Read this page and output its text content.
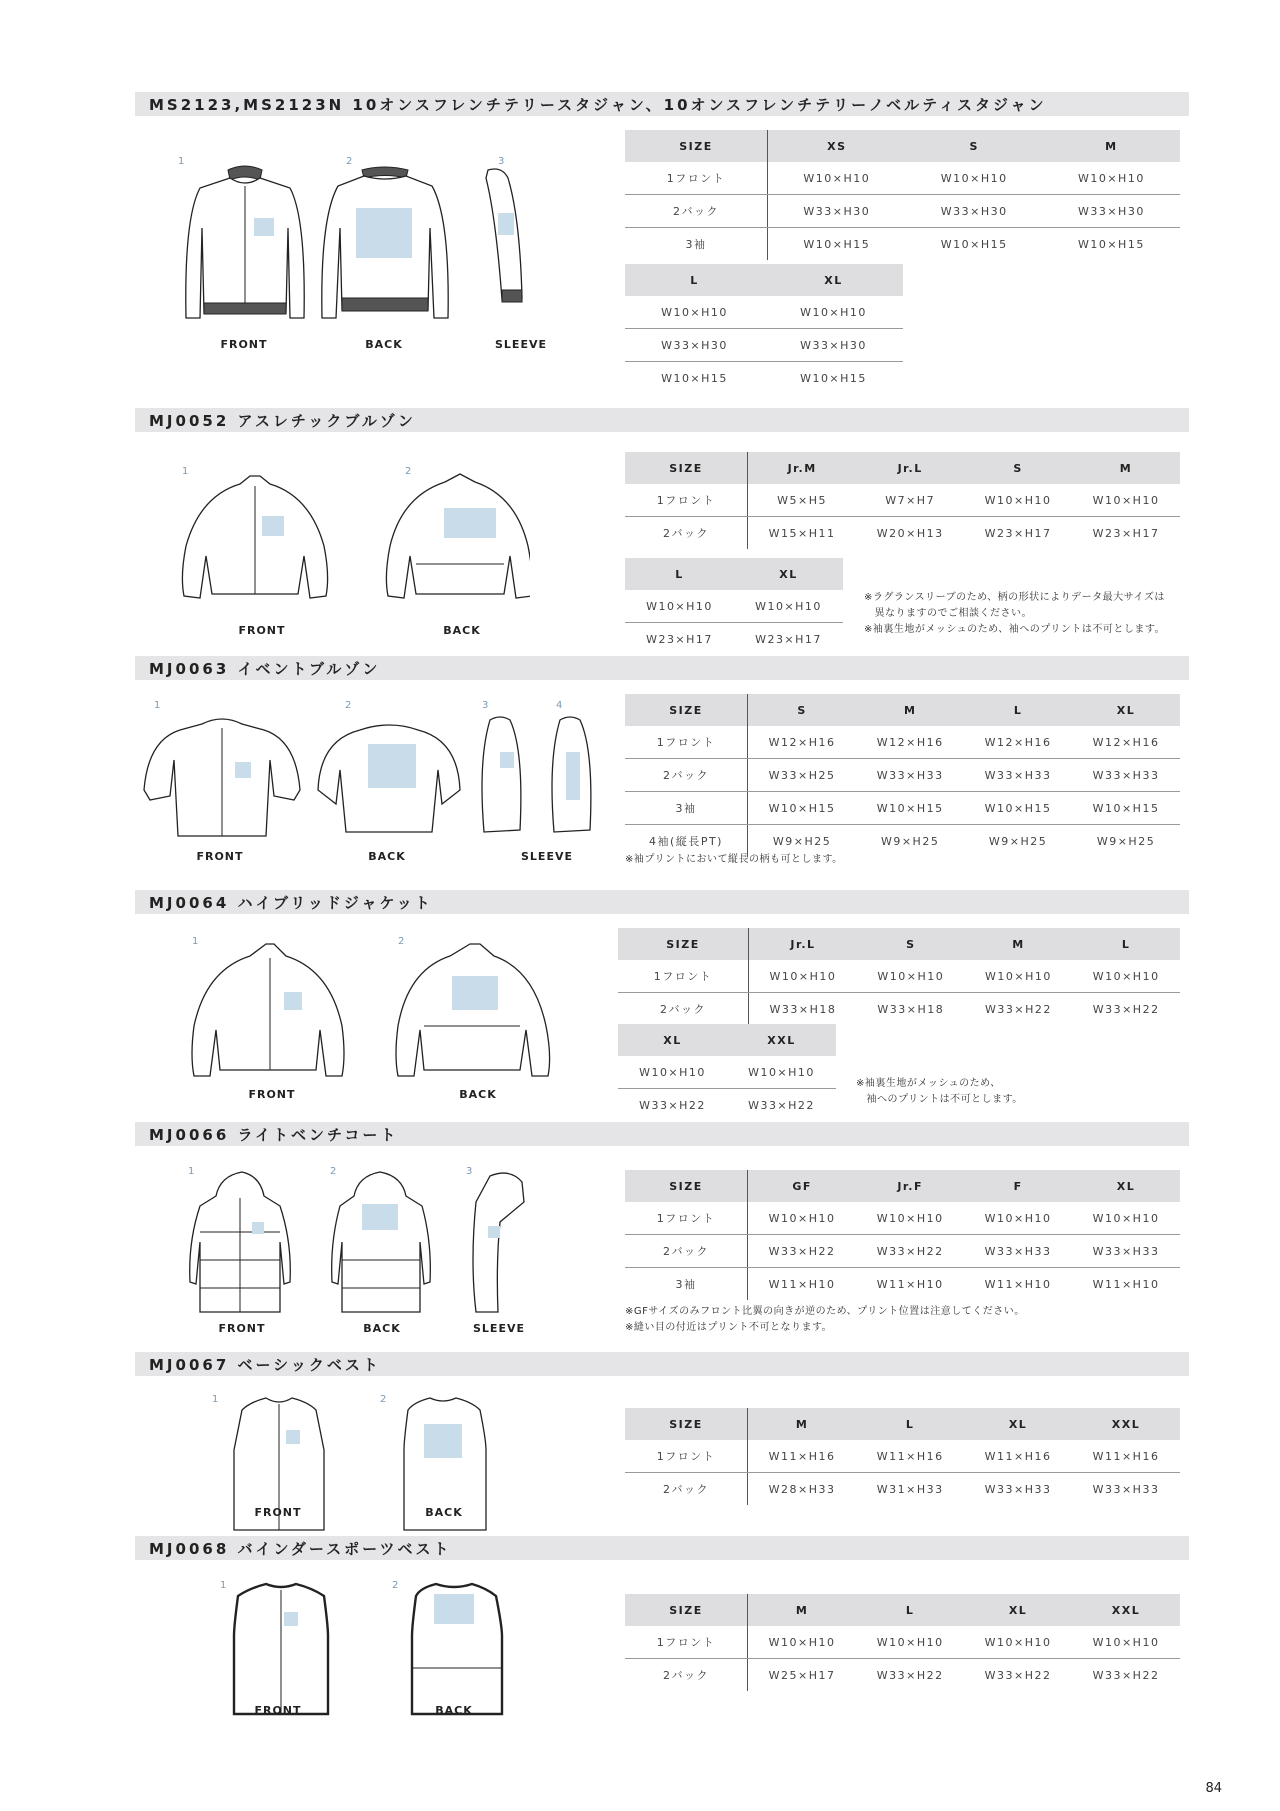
MS2123,MS2123N 10オンスフレンチテリースタジャン、10オンスフレンチテリーノベルティスタジャン
1	2	3
FRONT	BACK	SLEEVE
SIZE	XS	S	M
1フロント	W10×H10	W10×H10	W10×H10
2バック	W33×H30	W33×H30	W33×H30
3袖	W10×H15	W10×H15	W10×H15
L	XL
W10×H10	W10×H10
W33×H30	W33×H30
W10×H15	W10×H15
MJ0052 アスレチックブルゾン
1	2
FRONT	BACK
SIZE	Jr.M	Jr.L	S	M
1フロント	W5×H5	W7×H7	W10×H10	W10×H10
2バック	W15×H11	W20×H13	W23×H17	W23×H17
L	XL
W10×H10	W10×H10
W23×H17	W23×H17
※ラグランスリーブのため、柄の形状によりデータ最大サイズは
　異なりますのでご相談ください。
※袖裏生地がメッシュのため、袖へのプリントは不可とします。
MJ0063 イベントブルゾン
1	2	3	4
FRONT	BACK	SLEEVE
SIZE	S	M	L	XL
1フロント	W12×H16	W12×H16	W12×H16	W12×H16
2バック	W33×H25	W33×H33	W33×H33	W33×H33
3袖	W10×H15	W10×H15	W10×H15	W10×H15
4袖(縦長PT)	W9×H25	W9×H25	W9×H25	W9×H25
※袖プリントにおいて縦長の柄も可とします。
MJ0064 ハイブリッドジャケット
1	2
FRONT	BACK
SIZE	Jr.L	S	M	L
1フロント	W10×H10	W10×H10	W10×H10	W10×H10
2バック	W33×H18	W33×H18	W33×H22	W33×H22
XL	XXL
W10×H10	W10×H10
W33×H22	W33×H22
※袖裏生地がメッシュのため、
　袖へのプリントは不可とします。
MJ0066 ライトベンチコート
1	2	3
FRONT	BACK	SLEEVE
SIZE	GF	Jr.F	F	XL
1フロント	W10×H10	W10×H10	W10×H10	W10×H10
2バック	W33×H22	W33×H22	W33×H33	W33×H33
3袖	W11×H10	W11×H10	W11×H10	W11×H10
※GFサイズのみフロント比翼の向きが逆のため、プリント位置は注意してください。
※縫い目の付近はプリント不可となります。
MJ0067 ベーシックベスト
1	2
FRONT	BACK
SIZE	M	L	XL	XXL
1フロント	W11×H16	W11×H16	W11×H16	W11×H16
2バック	W28×H33	W31×H33	W33×H33	W33×H33
MJ0068 バインダースポーツベスト
1	2
FRONT	BACK
SIZE	M	L	XL	XXL
1フロント	W10×H10	W10×H10	W10×H10	W10×H10
2バック	W25×H17	W33×H22	W33×H22	W33×H22
84
